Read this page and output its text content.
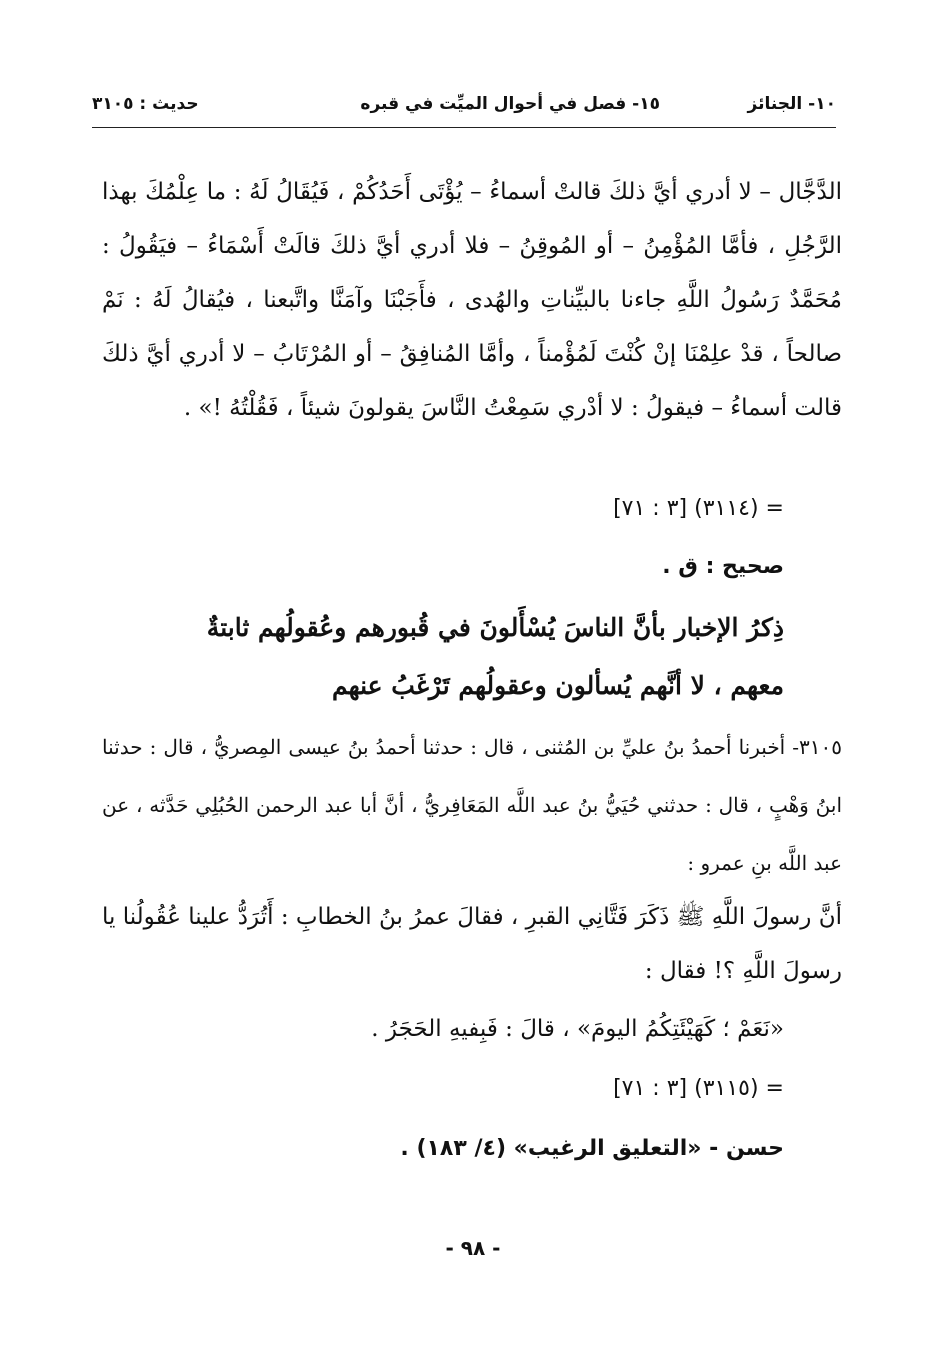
١٠- الجنائز
١٥- فصل في أحوال الميِّت في قبره
حديث : ٣١٠٥

الدَّجَّال – لا أدري أيَّ ذلكَ قالتْ أسماءُ – يُؤْتَى أَحَدُكُمْ ، فَيُقَالُ لَهُ : ما عِلْمُكَ بهذا الرَّجُلِ ، فأمَّا المُؤْمِنُ – أو المُوقِنُ – فلا أدري أيَّ ذلكَ قالَتْ أَسْمَاءُ – فيَقُولُ : مُحَمَّدٌ رَسُولُ اللَّهِ جاءنا بالبيِّناتِ والهُدى ، فأَجَبْنَا وآمَنَّا واتَّبعنا ، فيُقالُ لَهُ : نَمْ صالحاً ، قدْ علِمْنَا إنْ كُنْتَ لَمُؤْمناً ، وأمَّا المُنافِقُ – أو المُرْتَابُ – لا أدري أيَّ ذلكَ قالت أسماءُ – فيقولُ : لا أدْري سَمِعْتُ النَّاسَ يقولونَ شيئاً ، فَقُلْتُهُ !» .

= (٣١١٤) [٣ : ٧١]
صحيح : ق .
ذِكرُ الإخبار بأنَّ الناسَ يُسْأَلونَ في قُبورهم وعُقولُهم ثابتةٌ
معهم ، لا أنَّهم يُسألون وعقولُهم تَرْغَبُ عنهم

٣١٠٥- أخبرنا أحمدُ بنُ عليِّ بن المُثنى ، قال : حدثنا أحمدُ بنُ عيسى المِصريُّ ، قال : حدثنا ابنُ وَهْبٍ ، قال : حدثني حُيَيُّ بنُ عبد اللَّه المَعَافِريُّ ، أنَّ أبا عبد الرحمن الحُبُلِي حَدَّثه ، عن عبد اللَّه بنِ عمرو :

أنَّ رسولَ اللَّهِ ﷺ ذَكَرَ فَتَّانِي القبرِ ، فقالَ عمرُ بنُ الخطابِ : أَتُرَدُّ علينا عُقُولُنا يا رسولَ اللَّهِ ؟! فقال :

«نَعَمْ ؛ كَهَيْئَتِكُمُ اليومَ» ، قالَ : فَبِفيهِ الحَجَرُ .
= (٣١١٥) [٣ : ٧١]
حسن - «التعليق الرغيب» (٤/ ١٨٣) .
- ٩٨ -
